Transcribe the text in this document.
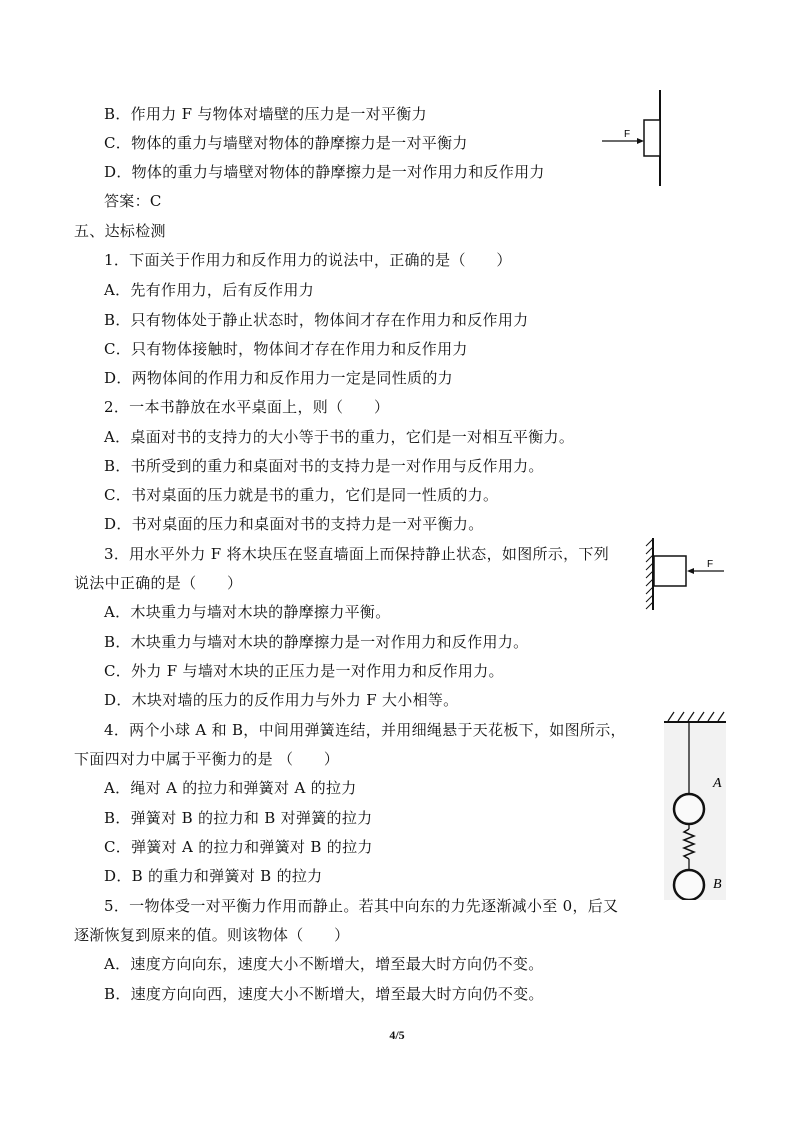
B．作用力 F 与物体对墙壁的压力是一对平衡力
C．物体的重力与墙壁对物体的静摩擦力是一对平衡力
D．物体的重力与墙壁对物体的静摩擦力是一对作用力和反作用力
答案：C
五、达标检测
1．下面关于作用力和反作用力的说法中，正确的是（　　）
A．先有作用力，后有反作用力
B．只有物体处于静止状态时，物体间才存在作用力和反作用力
C．只有物体接触时，物体间才存在作用力和反作用力
D．两物体间的作用力和反作用力一定是同性质的力
2．一本书静放在水平桌面上，则（　　）
A．桌面对书的支持力的大小等于书的重力，它们是一对相互平衡力。
B．书所受到的重力和桌面对书的支持力是一对作用与反作用力。
C．书对桌面的压力就是书的重力，它们是同一性质的力。
D．书对桌面的压力和桌面对书的支持力是一对平衡力。
3．用水平外力 F 将木块压在竖直墙面上而保持静止状态，如图所示，下列
说法中正确的是（　　）
A．木块重力与墙对木块的静摩擦力平衡。
B．木块重力与墙对木块的静摩擦力是一对作用力和反作用力。
C．外力 F 与墙对木块的正压力是一对作用力和反作用力。
D．木块对墙的压力的反作用力与外力 F 大小相等。
4．两个小球 A 和 B，中间用弹簧连结，并用细绳悬于天花板下，如图所示，
下面四对力中属于平衡力的是 （　　）
A．绳对 A 的拉力和弹簧对 A 的拉力
B．弹簧对 B 的拉力和 B 对弹簧的拉力
C．弹簧对 A 的拉力和弹簧对 B 的拉力
D．B 的重力和弹簧对 B 的拉力
5．一物体受一对平衡力作用而静止。若其中向东的力先逐渐减小至 0，后又
逐渐恢复到原来的值。则该物体（　　）
A．速度方向向东，速度大小不断增大，增至最大时方向仍不变。
B．速度方向向西，速度大小不断增大，增至最大时方向仍不变。
F
F
A
B
4/5
